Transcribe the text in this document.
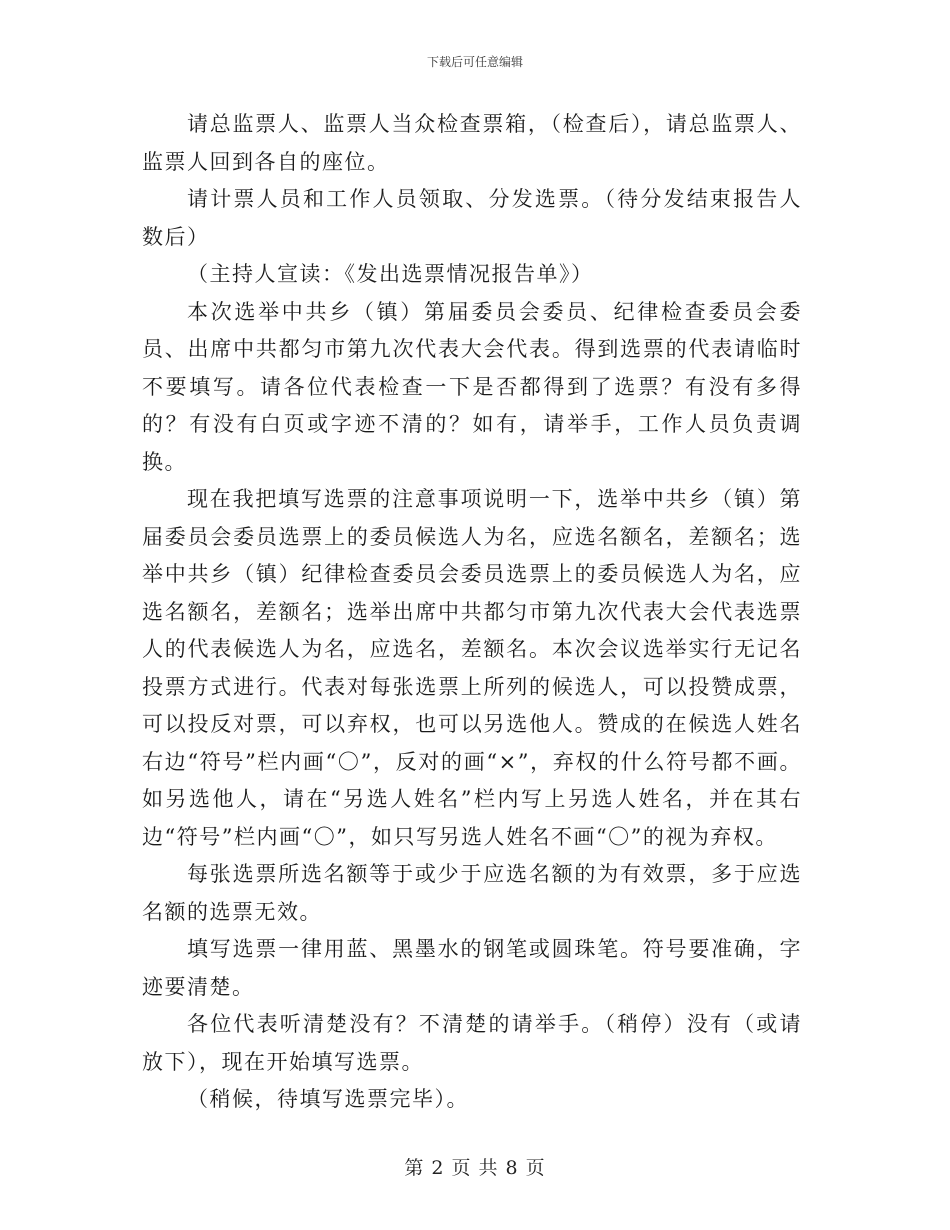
下载后可任意编辑

请总监票人、监票人当众检查票箱，（检查后），请总监票人、监票人回到各自的座位。

请计票人员和工作人员领取、分发选票。（待分发结束报告人数后）

（主持人宣读：《发出选票情况报告单》）

本次选举中共乡（镇）第届委员会委员、纪律检查委员会委员、出席中共都匀市第九次代表大会代表。得到选票的代表请临时不要填写。请各位代表检查一下是否都得到了选票？有没有多得的？有没有白页或字迹不清的？如有，请举手，工作人员负责调换。

现在我把填写选票的注意事项说明一下，选举中共乡（镇）第届委员会委员选票上的委员候选人为名，应选名额名，差额名；选举中共乡（镇）纪律检查委员会委员选票上的委员候选人为名，应选名额名，差额名；选举出席中共都匀市第九次代表大会代表选票人的代表候选人为名，应选名，差额名。本次会议选举实行无记名投票方式进行。代表对每张选票上所列的候选人，可以投赞成票，可以投反对票，可以弃权，也可以另选他人。赞成的在候选人姓名右边“符号”栏内画“〇”，反对的画“×”，弃权的什么符号都不画。如另选他人，请在“另选人姓名”栏内写上另选人姓名，并在其右边“符号”栏内画“〇”，如只写另选人姓名不画“〇”的视为弃权。

每张选票所选名额等于或少于应选名额的为有效票，多于应选名额的选票无效。

填写选票一律用蓝、黑墨水的钢笔或圆珠笔。符号要准确，字迹要清楚。

各位代表听清楚没有？不清楚的请举手。（稍停）没有（或请放下），现在开始填写选票。

（稍候，待填写选票完毕）。

第 2 页 共 8 页
